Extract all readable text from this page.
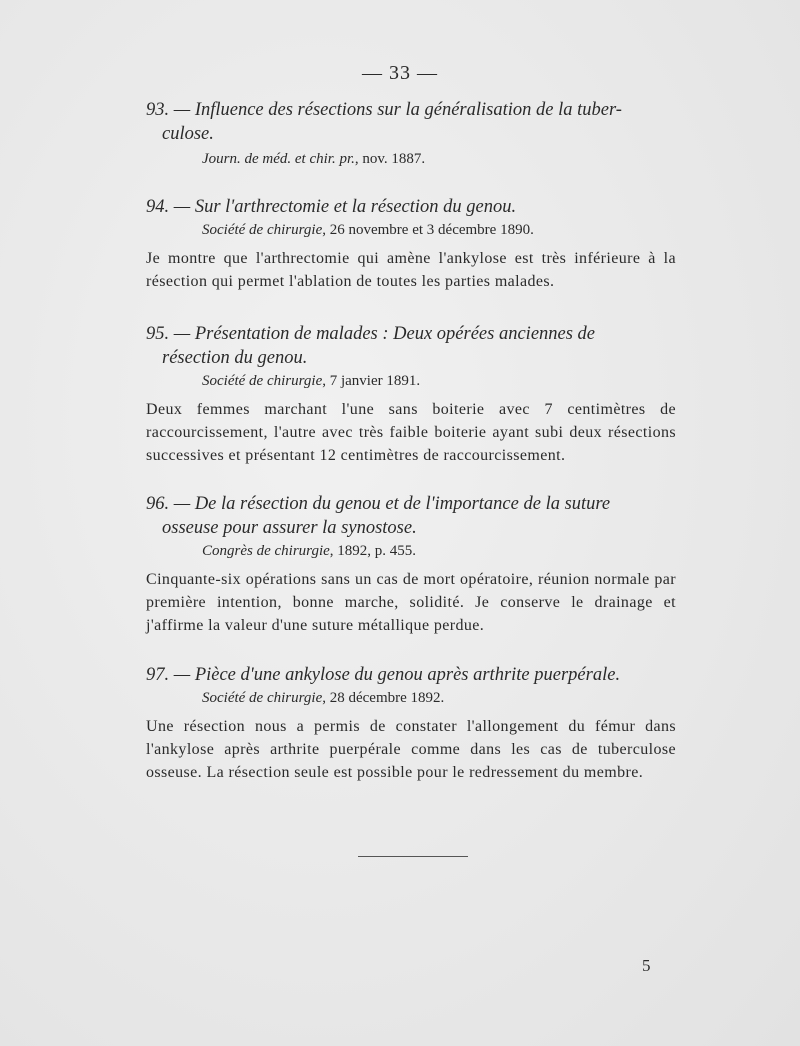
— 33 —
93. — Influence des résections sur la généralisation de la tuber-
culose.
Journ. de méd. et chir. pr., nov. 1887.
94. — Sur l'arthrectomie et la résection du genou.
Société de chirurgie, 26 novembre et 3 décembre 1890.
Je montre que l'arthrectomie qui amène l'ankylose est très inférieure à la résection qui permet l'ablation de toutes les parties malades.
95. — Présentation de malades : Deux opérées anciennes de
résection du genou.
Société de chirurgie, 7 janvier 1891.
Deux femmes marchant l'une sans boiterie avec 7 centimètres de raccourcissement, l'autre avec très faible boiterie ayant subi deux résections successives et présentant 12 centimètres de raccourcissement.
96. — De la résection du genou et de l'importance de la suture
osseuse pour assurer la synostose.
Congrès de chirurgie, 1892, p. 455.
Cinquante-six opérations sans un cas de mort opératoire, réunion normale par première intention, bonne marche, solidité. Je conserve le drainage et j'affirme la valeur d'une suture métallique perdue.
97. — Pièce d'une ankylose du genou après arthrite puerpérale.
Société de chirurgie, 28 décembre 1892.
Une résection nous a permis de constater l'allongement du fémur dans l'ankylose après arthrite puerpérale comme dans les cas de tuberculose osseuse. La résection seule est possible pour le redressement du membre.
5
